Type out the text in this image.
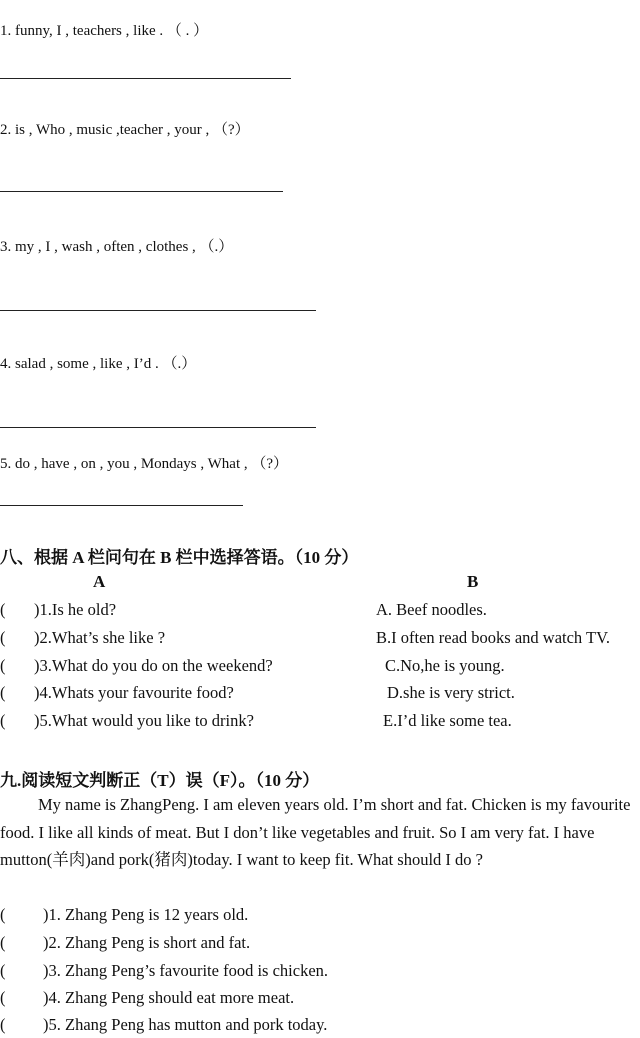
1. funny, I , teachers , like . （ . ）
2. is , Who , music ,teacher , your , （?）
3. my , I , wash , often , clothes , （.）
4. salad , some , like , I’d . （.）
5. do , have , on , you , Mondays , What , （?）
八、根据 A 栏问句在 B 栏中选择答语。（10 分）
A	B
( )1.Is he old?	A. Beef noodles.
( )2.What’s she like ?	B.I often read books and watch TV.
( )3.What do you do on the weekend?	C.No,he is young.
( )4.Whats your favourite food?	D.she is very strict.
( )5.What would you like to drink?	E.I’d like some tea.
九.阅读短文判断正（T）误（F）。（10 分）
My name is ZhangPeng. I am eleven years old. I’m short and fat. Chicken is my favourite food. I like all kinds of meat. But I don’t like vegetables and fruit. So I am very fat. I have mutton(羊肉)and pork(猪肉)today. I want to keep fit. What should I do ?
( )1. Zhang Peng is 12 years old.
( )2. Zhang Peng is short and fat.
( )3. Zhang Peng’s favourite food is chicken.
( )4. Zhang Peng should eat more meat.
( )5. Zhang Peng has mutton and pork today.
